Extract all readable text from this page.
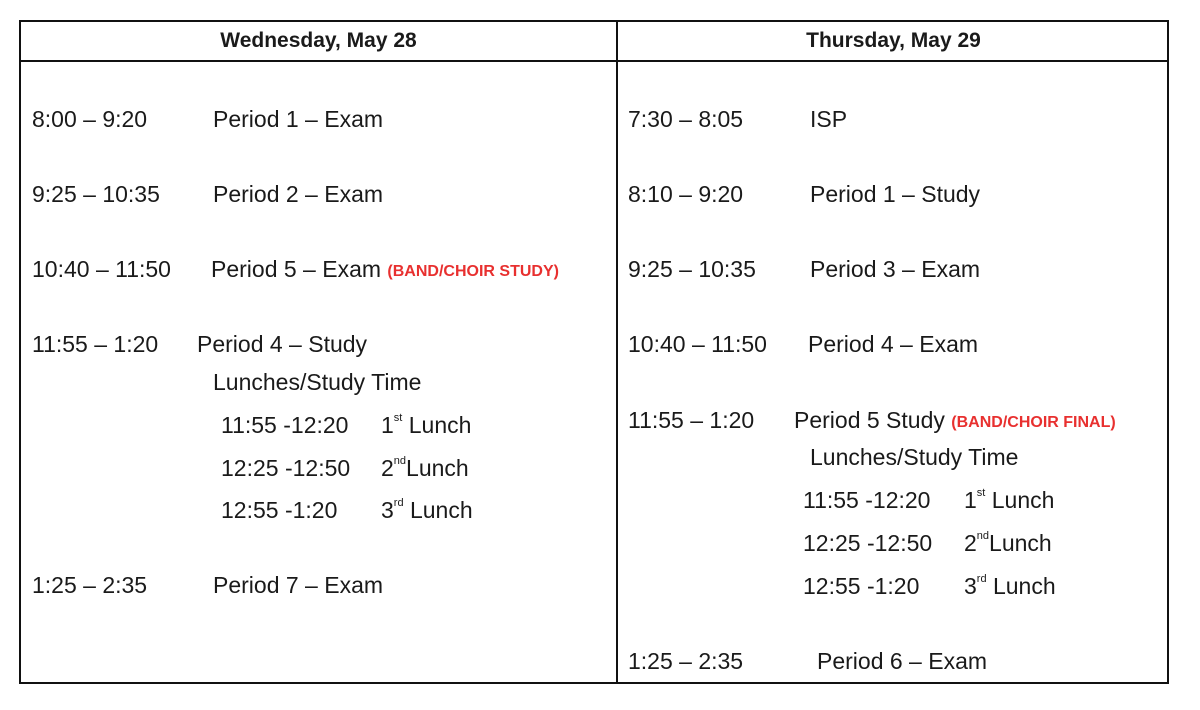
Wednesday, May 28	Thursday, May 29
8:00 – 9:20	Period 1 – Exam
9:25 – 10:35 Period 2 – Exam
10:40 – 11:50 Period 5 – Exam (BAND/CHOIR STUDY)
11:55 – 1:20 Period 4 – Study
Lunches/Study Time
11:55 -12:20 1st Lunch
12:25 -12:50 2ndLunch
12:55 -1:20 3rd Lunch
1:25 – 2:35	Period 7 – Exam
7:30 – 8:05	ISP
8:10 – 9:20	Period 1 – Study
9:25 – 10:35 Period 3 – Exam
10:40 – 11:50 Period 4 – Exam
11:55 – 1:20 Period 5 Study (BAND/CHOIR FINAL)
Lunches/Study Time
11:55 -12:20 1st Lunch
12:25 -12:50 2ndLunch
12:55 -1:20 3rd Lunch
1:25 – 2:35	Period 6 – Exam
